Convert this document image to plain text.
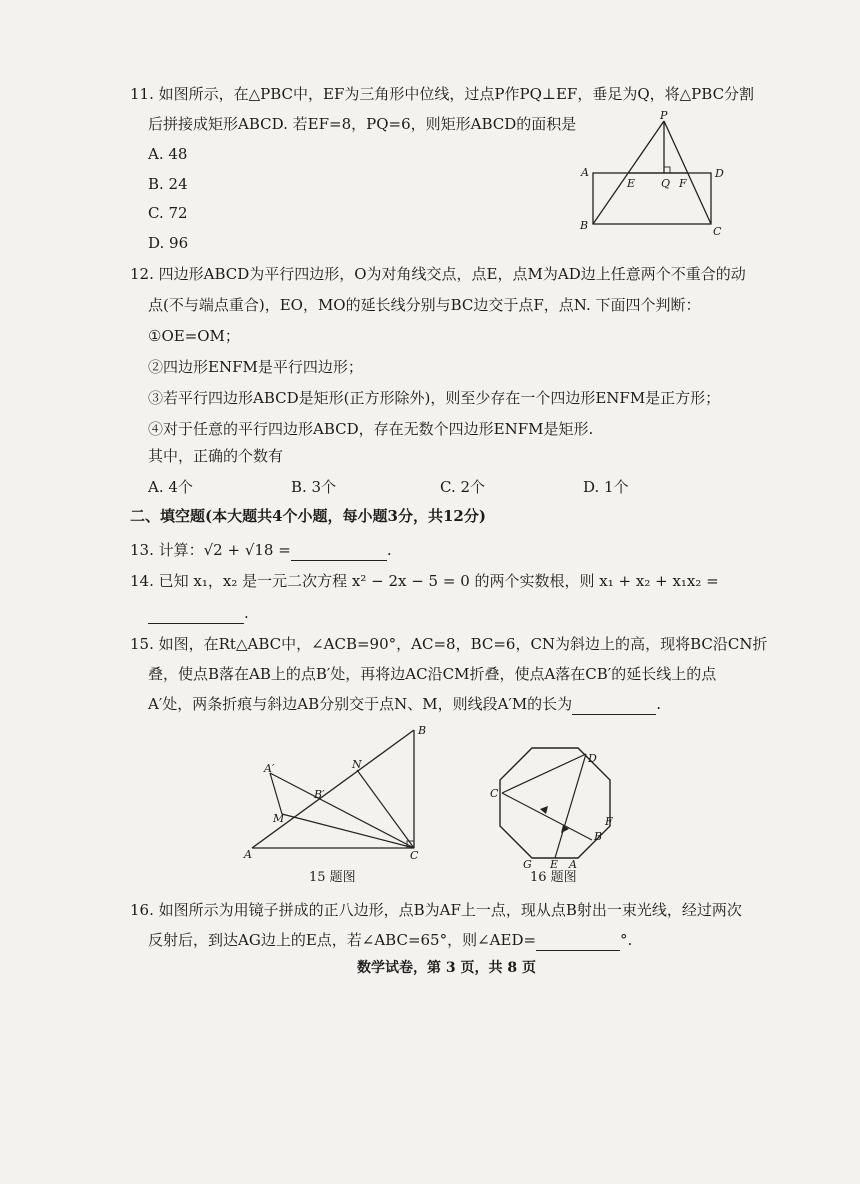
11. 如图所示，在△PBC中，EF为三角形中位线，过点P作PQ⊥EF，垂足为Q，将△PBC分割
后拼接成矩形ABCD. 若EF=8，PQ=6，则矩形ABCD的面积是
A. 48
B. 24
C. 72
D. 96
P
A
E Q F
D
B	C
12. 四边形ABCD为平行四边形，O为对角线交点，点E，点M为AD边上任意两个不重合的动
点(不与端点重合)，EO，MO的延长线分别与BC边交于点F，点N. 下面四个判断：
①OE=OM；
②四边形ENFM是平行四边形；
③若平行四边形ABCD是矩形(正方形除外)，则至少存在一个四边形ENFM是正方形；
④对于任意的平行四边形ABCD，存在无数个四边形ENFM是矩形.
其中，正确的个数有
A. 4个	B. 3个	C. 2个	D. 1个
二、填空题(本大题共4个小题，每小题3分，共12分)
13. 计算：√2 + √18 =	.
14. 已知 x₁，x₂ 是一元二次方程 x² − 2x − 5 = 0 的两个实数根，则 x₁ + x₂ + x₁x₂ =
.
15. 如图，在Rt△ABC中，∠ACB=90°，AC=8，BC=6，CN为斜边上的高，现将BC沿CN折
叠，使点B落在AB上的点B′处，再将边AC沿CM折叠，使点A落在CB′的延长线上的点
A′处，两条折痕与斜边AB分别交于点N、M，则线段A′M的长为	.
B
A′	N
B′
M
A	C
15 题图
D
C
F
B
G E A
16 题图
16. 如图所示为用镜子拼成的正八边形，点B为AF上一点，现从点B射出一束光线，经过两次
反射后，到达AG边上的E点，若∠ABC=65°，则∠AED=	°.
数学试卷，第 3 页，共 8 页
